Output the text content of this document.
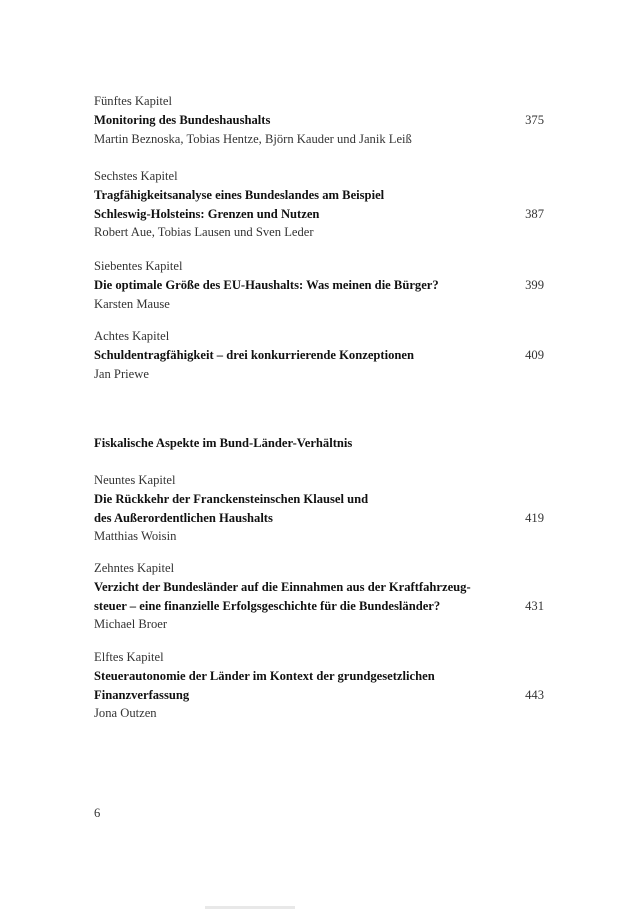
Fünftes Kapitel
Monitoring des Bundeshaushalts	375
Martin Beznoska, Tobias Hentze, Björn Kauder und Janik Leiß
Sechstes Kapitel
Tragfähigkeitsanalyse eines Bundeslandes am Beispiel
Schleswig-Holsteins: Grenzen und Nutzen	387
Robert Aue, Tobias Lausen und Sven Leder
Siebentes Kapitel
Die optimale Größe des EU-Haushalts: Was meinen die Bürger?	399
Karsten Mause
Achtes Kapitel
Schuldentragfähigkeit – drei konkurrierende Konzeptionen	409
Jan Priewe
Fiskalische Aspekte im Bund-Länder-Verhältnis
Neuntes Kapitel
Die Rückkehr der Franckensteinschen Klausel und
des Außerordentlichen Haushalts	419
Matthias Woisin
Zehntes Kapitel
Verzicht der Bundesländer auf die Einnahmen aus der Kraftfahrzeug-
steuer – eine finanzielle Erfolgsgeschichte für die Bundesländer?	431
Michael Broer
Elftes Kapitel
Steuerautonomie der Länder im Kontext der grundgesetzlichen
Finanzverfassung	443
Jona Outzen
6
